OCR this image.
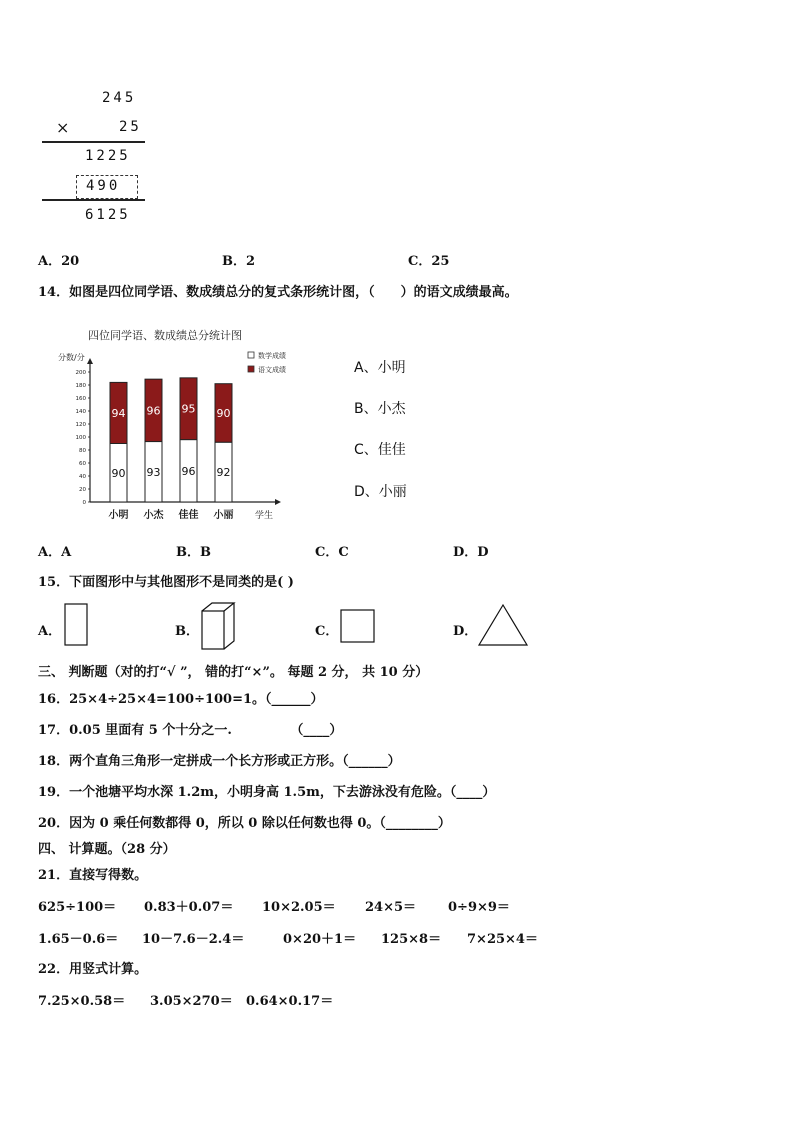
245
×	25
1225
490
6125
A．20	B．2	C．25
14．如图是四位同学语、数成绩总分的复式条形统计图，（　　）的语文成绩最高。
四位同学语、数成绩总分统计图
分数/分
学生
数学成绩
语文成绩
0
20
40
60
80
100
120
140
160
180
200
90
94
小明
93
96
小杰
96
95
佳佳
92
90
小丽
A、小明
B、小杰
C、佳佳
D、小丽
A．A	B．B	C．C	D．D
15．下面图形中与其他图形不是同类的是( )
A．	B．	C．	D．
三、 判断题（对的打“√ ”， 错的打“×”。 每题 2 分， 共 10 分）
16．25×4÷25×4=100÷100=1。（______）
17．0.05 里面有 5 个十分之一.　　　　　（____）
18．两个直角三角形一定拼成一个长方形或正方形。（______）
19．一个池塘平均水深 1.2m，小明身高 1.5m，下去游泳没有危险。（____）
20．因为 0 乘任何数都得 0，所以 0 除以任何数也得 0。（________）
四、 计算题。（28 分）
21．直接写得数。
625÷100＝ 0.83＋0.07＝ 10×2.05＝ 24×5＝ 0÷9×9＝
1.65－0.6＝ 10－7.6－2.4＝	0×20＋1＝ 125×8＝ 7×25×4＝
22．用竖式计算。
7.25×0.58＝ 3.05×270＝ 0.64×0.17＝
